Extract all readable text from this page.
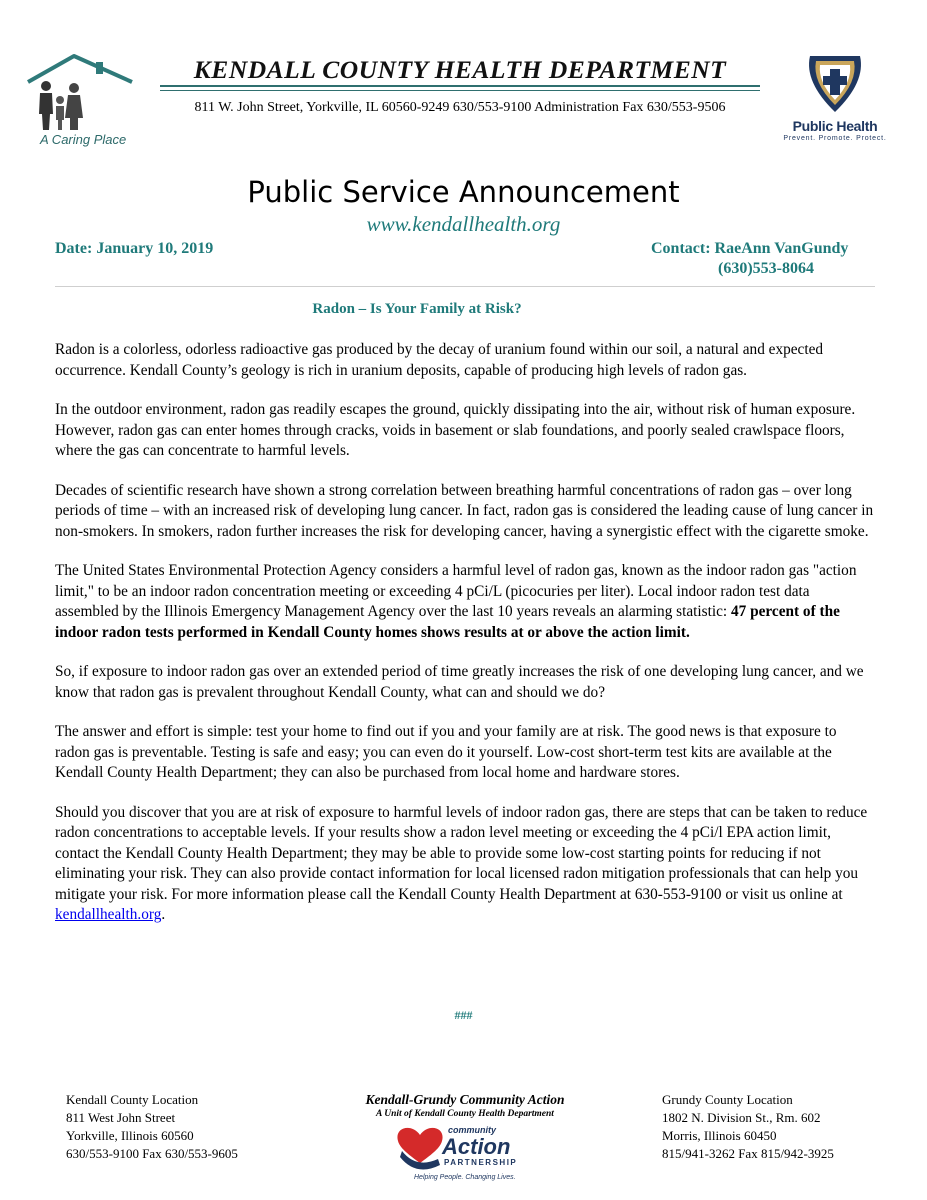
A Caring Place
KENDALL COUNTY HEALTH DEPARTMENT
811 W. John Street, Yorkville, IL 60560-9249 630/553-9100 Administration Fax 630/553-9506
Public Health
Prevent. Promote. Protect.
Public Service Announcement
www.kendallhealth.org
Date: January 10, 2019	Contact: RaeAnn VanGundy
(630)553-8064
Radon – Is Your Family at Risk?

Radon is a colorless, odorless radioactive gas produced by the decay of uranium found within our soil, a natural and expected occurrence. Kendall County’s geology is rich in uranium deposits, capable of producing high levels of radon gas.

In the outdoor environment, radon gas readily escapes the ground, quickly dissipating into the air, without risk of human exposure. However, radon gas can enter homes through cracks, voids in basement or slab foundations, and poorly sealed crawlspace floors, where the gas can concentrate to harmful levels.

Decades of scientific research have shown a strong correlation between breathing harmful concentrations of radon gas – over long periods of time – with an increased risk of developing lung cancer. In fact, radon gas is considered the leading cause of lung cancer in non-smokers. In smokers, radon further increases the risk for developing cancer, having a synergistic effect with the cigarette smoke.

The United States Environmental Protection Agency considers a harmful level of radon gas, known as the indoor radon gas "action limit," to be an indoor radon concentration meeting or exceeding 4 pCi/L (picocuries per liter). Local indoor radon test data assembled by the Illinois Emergency Management Agency over the last 10 years reveals an alarming statistic: 47 percent of the indoor radon tests performed in Kendall County homes shows results at or above the action limit.

So, if exposure to indoor radon gas over an extended period of time greatly increases the risk of one developing lung cancer, and we know that radon gas is prevalent throughout Kendall County, what can and should we do?

The answer and effort is simple: test your home to find out if you and your family are at risk. The good news is that exposure to radon gas is preventable. Testing is safe and easy; you can even do it yourself. Low-cost short-term test kits are available at the Kendall County Health Department; they can also be purchased from local home and hardware stores.

Should you discover that you are at risk of exposure to harmful levels of indoor radon gas, there are steps that can be taken to reduce radon concentrations to acceptable levels. If your results show a radon level meeting or exceeding the 4 pCi/l EPA action limit, contact the Kendall County Health Department; they may be able to provide some low-cost starting points for reducing if not eliminating your risk. They can also provide contact information for local licensed radon mitigation professionals that can help you mitigate your risk. For more information please call the Kendall County Health Department at 630-553-9100 or visit us online at kendallhealth.org.

###
Kendall County Location
811 West John Street
Yorkville, Illinois 60560
630/553-9100 Fax 630/553-9605
Kendall-Grundy Community Action
A Unit of Kendall County Health Department
community
Action
PARTNERSHIP
Helping People. Changing Lives.
Grundy County Location
1802 N. Division St., Rm. 602
Morris, Illinois 60450
815/941-3262 Fax 815/942-3925
